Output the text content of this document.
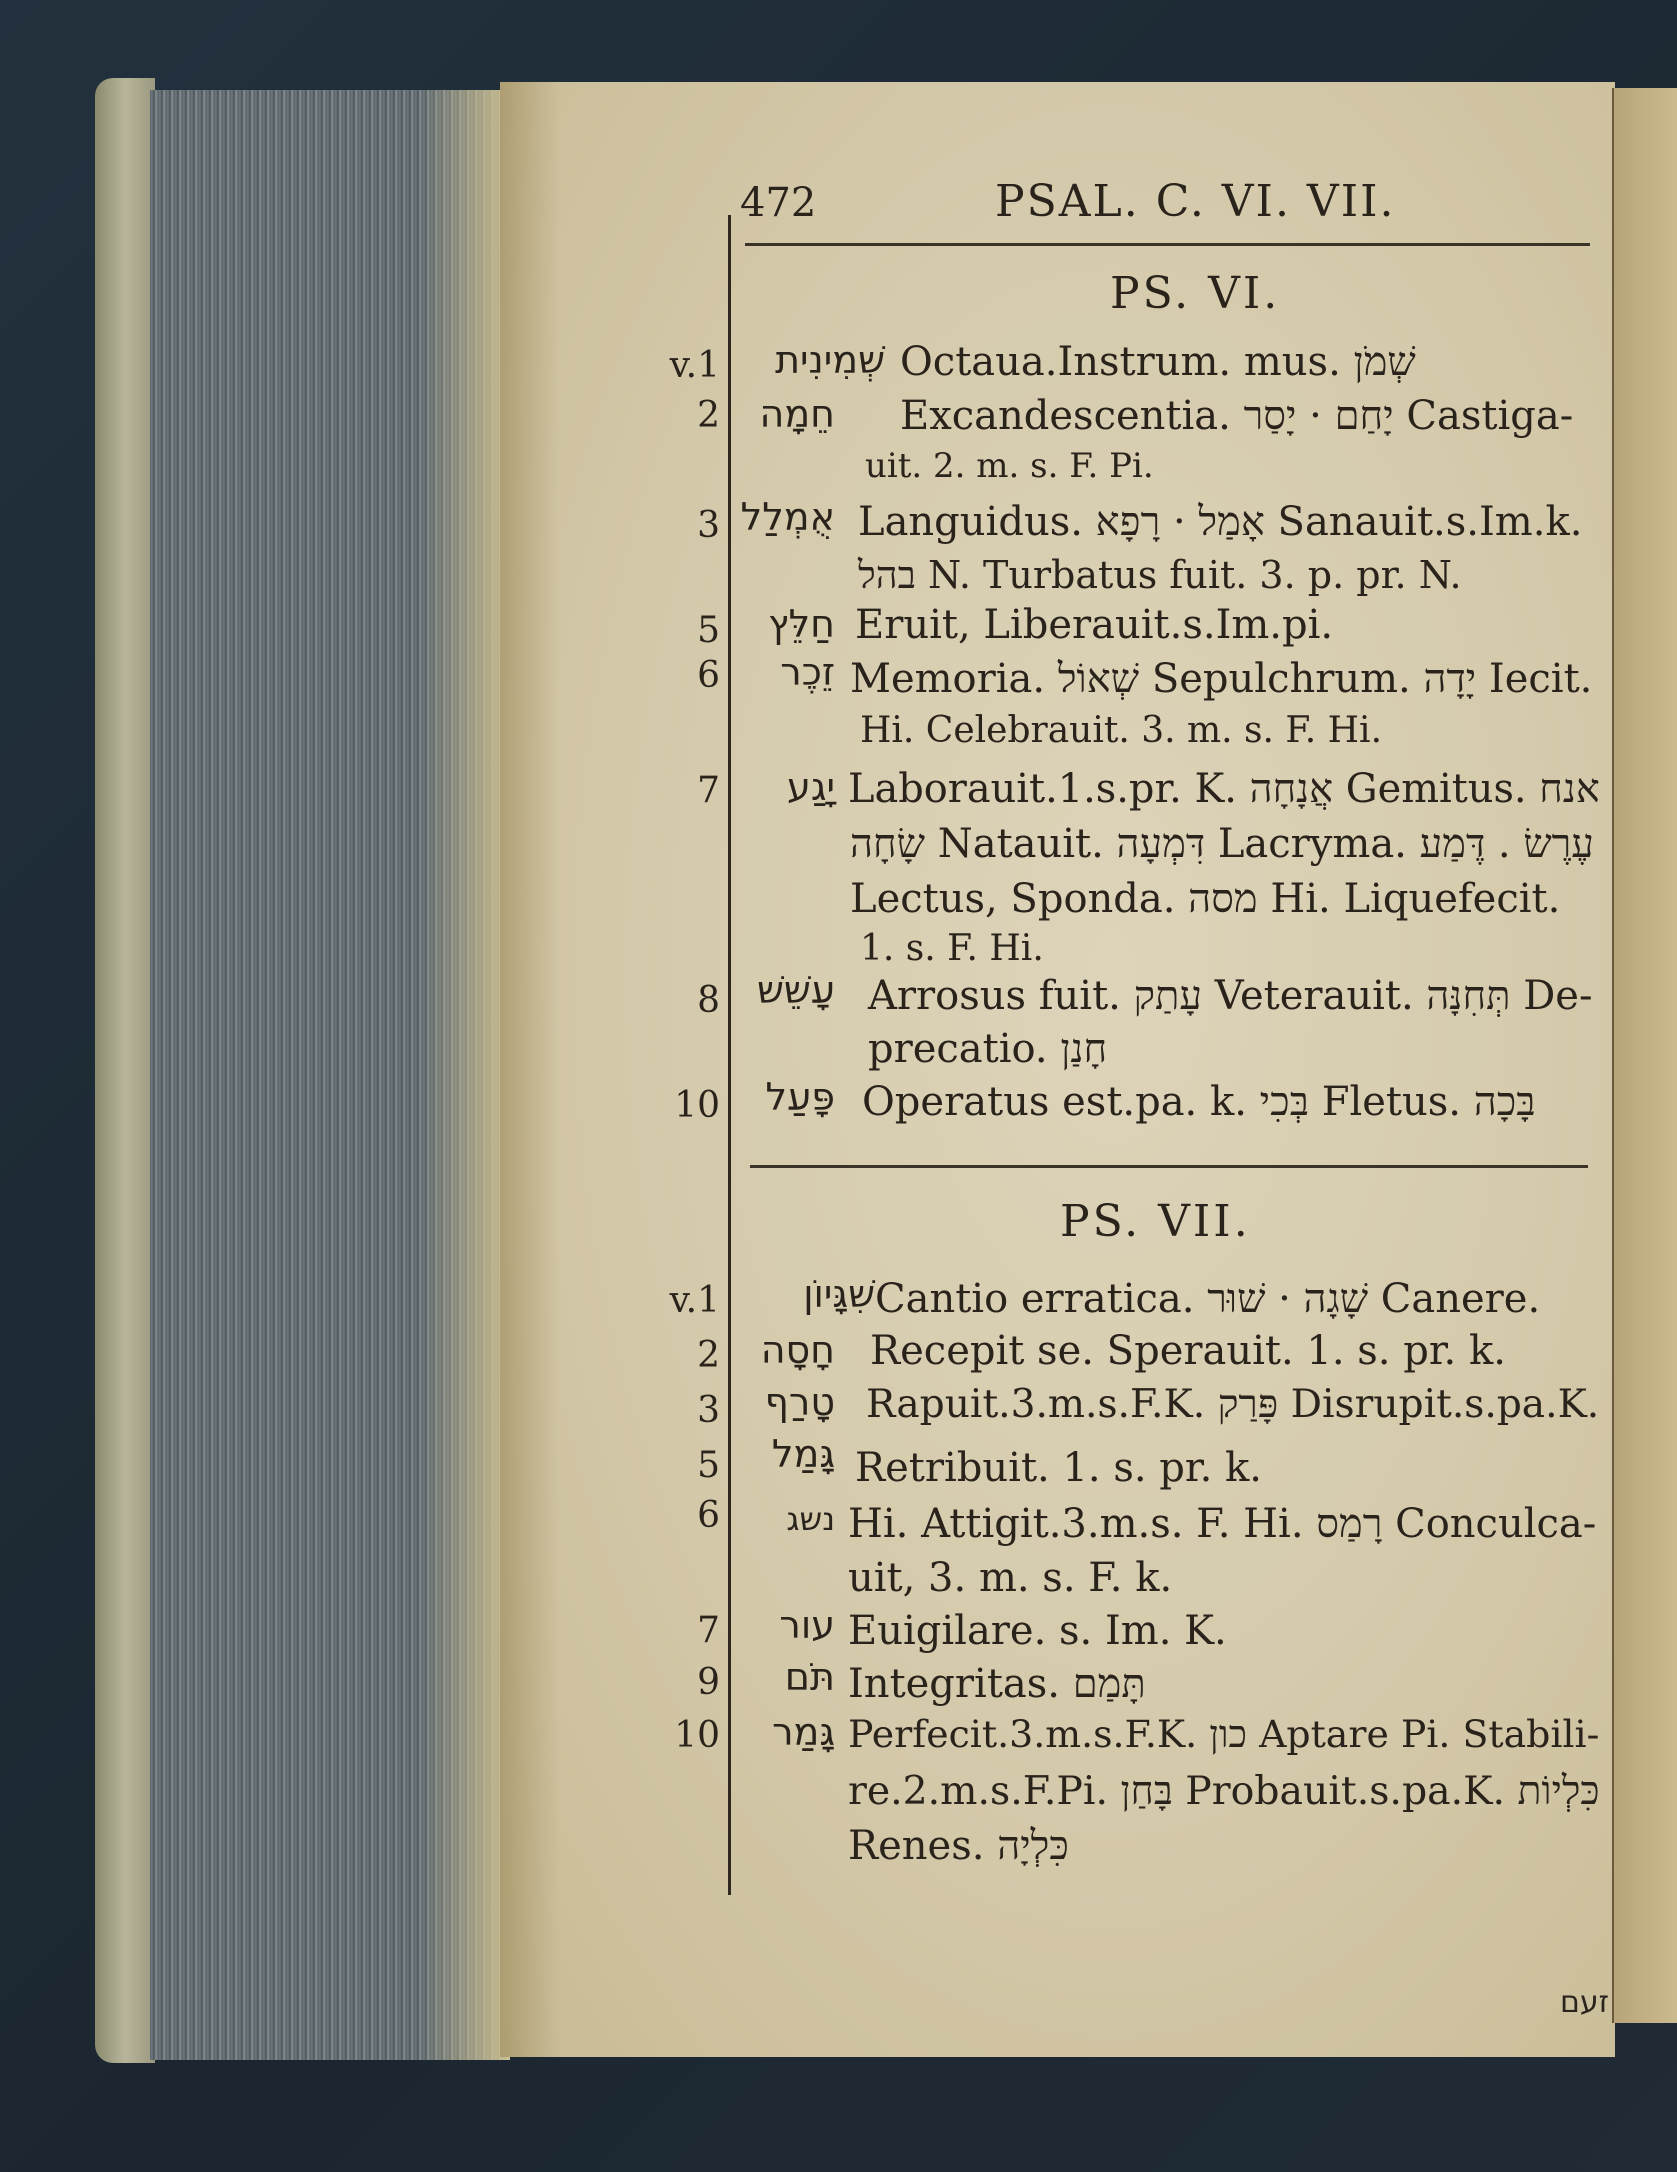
472	PSAL. C. VI. VII.
PS. VI.
v.1	שְׁמִינִית Octaua.Instrum. mus. שְׁמֹן
2	חֵמָה Excandescentia. יָחַם · יָסַר Castiga-
uit. 2. m. s. F. Pi.
3 אֻמְלַל Languidus. אָמַל · רָפָא Sanauit.s.Im.k.
בהל N. Turbatus fuit. 3. p. pr. N.
5	חַלֵּץ Eruit, Liberauit.s.Im.pi.
6	זֵכֶר Memoria. שְׁאוֹל Sepulchrum. יָדָה Iecit.
Hi. Celebrauit. 3. m. s. F. Hi.
7	יָגַע Laborauit.1.s.pr. K. אֲנָחָה Gemitus. אנח
שָׂחָה Natauit. דִּמְעָה Lacryma. עֶרֶשׂ . דֶּמַע
Lectus, Sponda. מסה Hi. Liquefecit.
1. s. F. Hi.
8 עָשֵׁשׁ Arrosus fuit. עָתַק Veterauit. תְּחִנָּה De-
precatio. חָנַן
10	פָּעַל Operatus est.pa. k. בְּכִי Fletus. בָּכָה
PS. VII.
v.1	שִׁגָּיוֹן Cantio erratica. שָׁגָה · שׁוּר Canere.
2	חָסָה Recepit se. Sperauit. 1. s. pr. k.
3	טָרַף Rapuit.3.m.s.F.K. פָּרַק Disrupit.s.pa.K.
5	גָּמַל Retribuit. 1. s. pr. k.
6	נשג Hi. Attigit.3.m.s. F. Hi. רָמַס Conculca-
uit, 3. m. s. F. k.
7	עור Euigilare. s. Im. K.
9	תֹּם Integritas. תָּמַם
10	גָּמַר Perfecit.3.m.s.F.K. כון Aptare Pi. Stabili-
re.2.m.s.F.Pi. בָּחַן Probauit.s.pa.K. כִּלְיוֹת
Renes. כִּלְיָה
זעם
